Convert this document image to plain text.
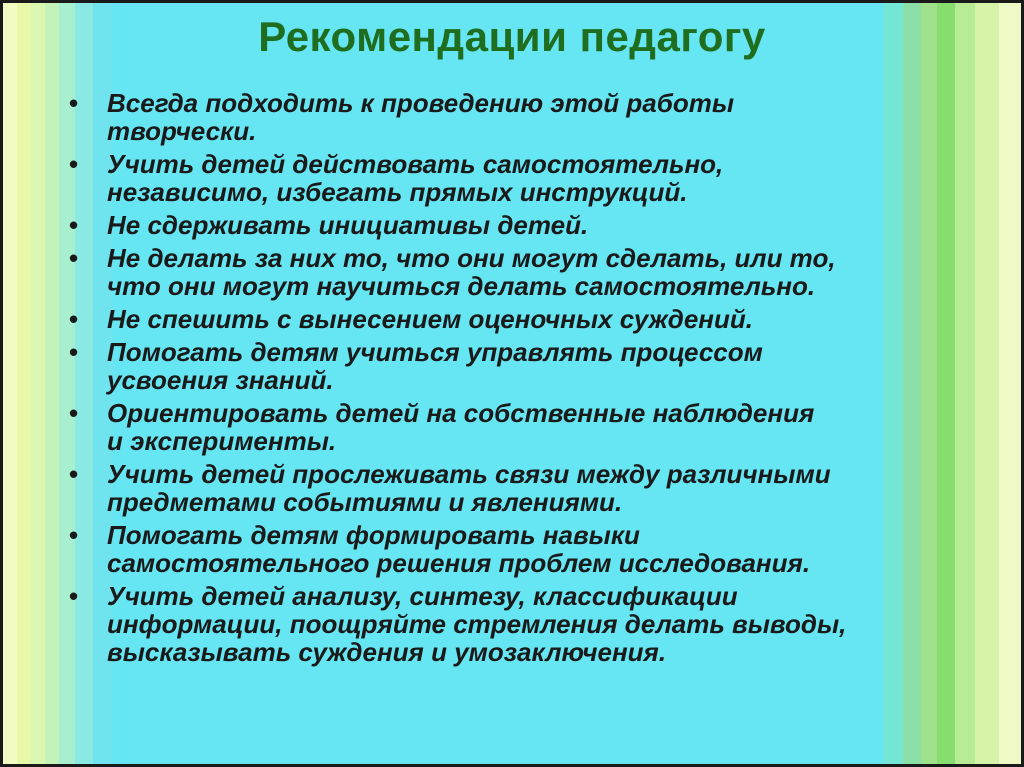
Рекомендации педагогу
• Всегда подходить к проведению этой работы
творчески.
• Учить детей действовать самостоятельно,
независимо, избегать прямых инструкций.
• Не сдерживать инициативы детей.
• Не делать за них то, что они могут сделать, или то,
что они могут научиться делать самостоятельно.
• Не спешить с вынесением оценочных суждений.
• Помогать детям учиться управлять процессом
усвоения знаний.
• Ориентировать детей на собственные наблюдения
и эксперименты.
• Учить детей прослеживать связи между различными
предметами событиями и явлениями.
• Помогать детям формировать навыки
самостоятельного решения проблем исследования.
• Учить детей анализу, синтезу, классификации
информации, поощряйте стремления делать выводы,
высказывать суждения и умозаключения.
